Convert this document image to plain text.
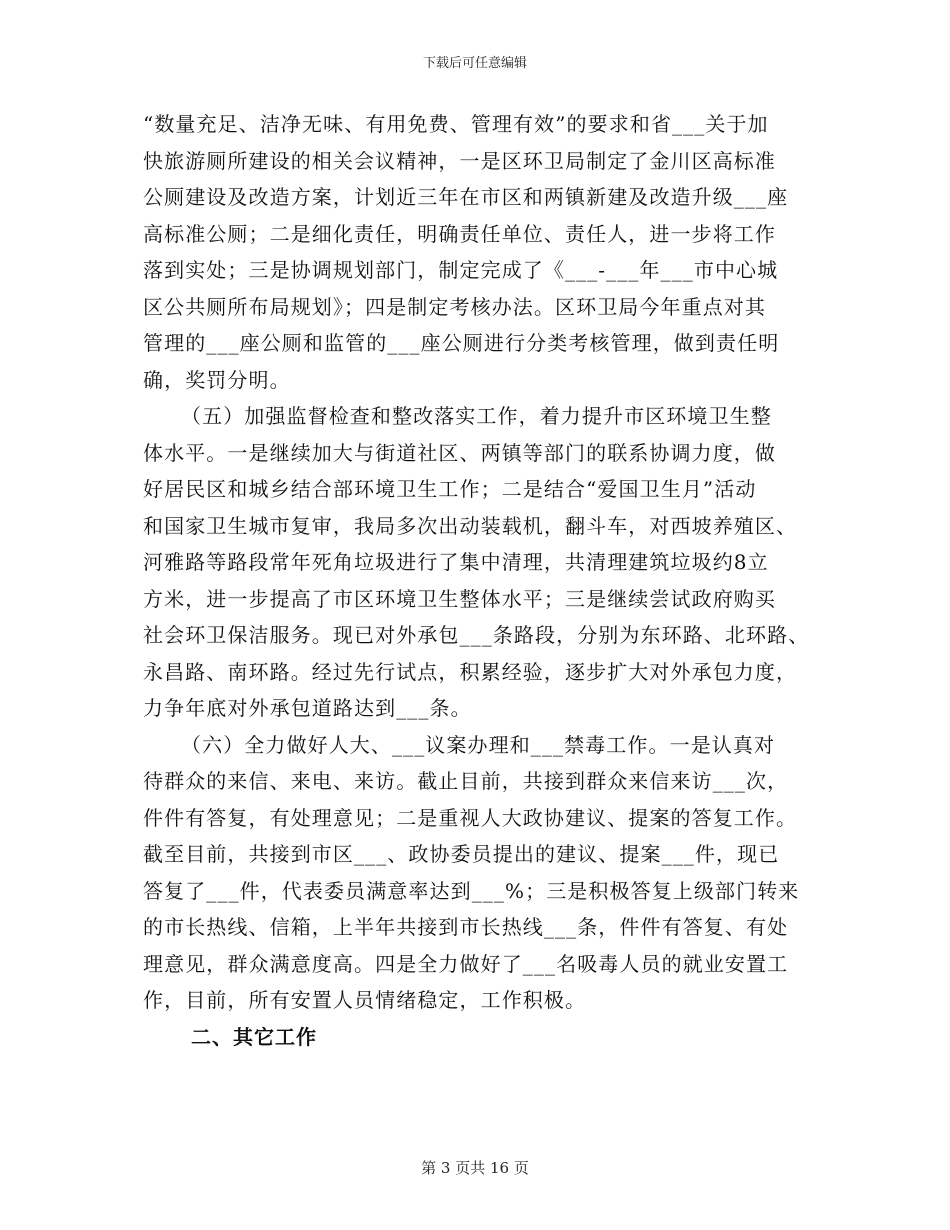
下载后可任意编辑
“数量充足、洁净无味、有用免费、管理有效”的要求和省___关于加
快旅游厕所建设的相关会议精神，一是区环卫局制定了金川区高标准
公厕建设及改造方案，计划近三年在市区和两镇新建及改造升级___座
高标准公厕；二是细化责任，明确责任单位、责任人，进一步将工作
落到实处；三是协调规划部门，制定完成了《___-___年___市中心城
区公共厕所布局规划》；四是制定考核办法。区环卫局今年重点对其
管理的___座公厕和监管的___座公厕进行分类考核管理，做到责任明
确，奖罚分明。
（五）加强监督检查和整改落实工作，着力提升市区环境卫生整
体水平。一是继续加大与街道社区、两镇等部门的联系协调力度，做
好居民区和城乡结合部环境卫生工作；二是结合“爱国卫生月”活动
和国家卫生城市复审，我局多次出动装载机，翻斗车，对西坡养殖区、
河雅路等路段常年死角垃圾进行了集中清理，共清理建筑垃圾约8立
方米，进一步提高了市区环境卫生整体水平；三是继续尝试政府购买
社会环卫保洁服务。现已对外承包___条路段，分别为东环路、北环路、
永昌路、南环路。经过先行试点，积累经验，逐步扩大对外承包力度，
力争年底对外承包道路达到___条。
（六）全力做好人大、___议案办理和___禁毒工作。一是认真对
待群众的来信、来电、来访。截止目前，共接到群众来信来访___次，
件件有答复，有处理意见；二是重视人大政协建议、提案的答复工作。
截至目前，共接到市区___、政协委员提出的建议、提案___件，现已
答复了___件，代表委员满意率达到___%；三是积极答复上级部门转来
的市长热线、信箱，上半年共接到市长热线___条，件件有答复、有处
理意见，群众满意度高。四是全力做好了___名吸毒人员的就业安置工
作，目前，所有安置人员情绪稳定，工作积极。
二、其它工作
第 3 页共 16 页
